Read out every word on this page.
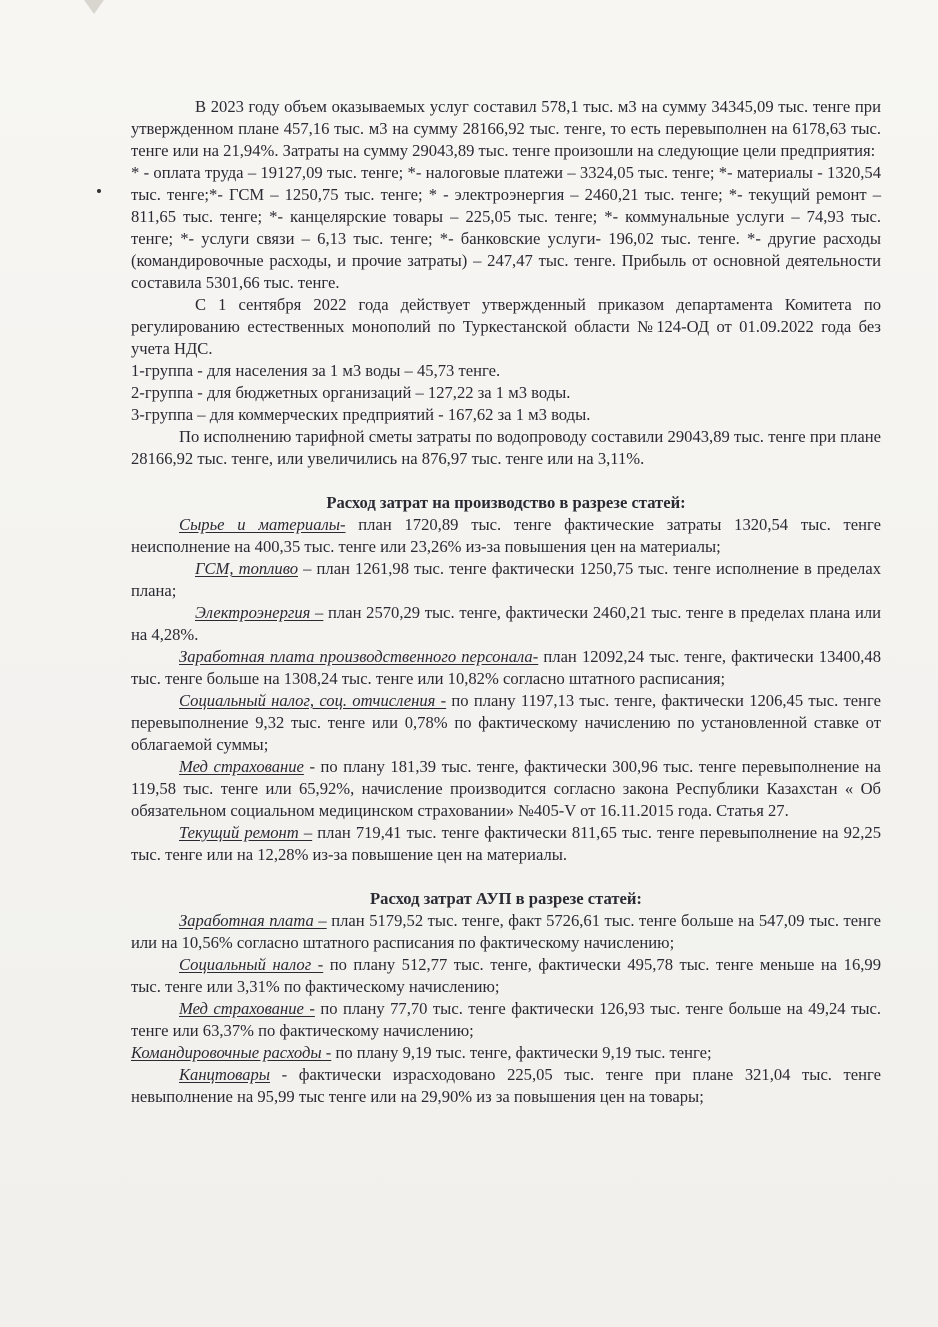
В 2023 году объем оказываемых услуг составил 578,1 тыс. м3 на сумму 34345,09 тыс. тенге при утвержденном плане 457,16 тыс. м3 на сумму 28166,92 тыс. тенге, то есть перевыполнен на 6178,63 тыс. тенге или на 21,94%. Затраты на сумму 29043,89 тыс. тенге произошли на следующие цели предприятия:

* - оплата труда – 19127,09 тыс. тенге; *- налоговые платежи – 3324,05 тыс. тенге; *- материалы - 1320,54 тыс. тенге;*- ГСМ – 1250,75 тыс. тенге; * - электроэнергия – 2460,21 тыс. тенге; *- текущий ремонт – 811,65 тыс. тенге; *- канцелярские товары – 225,05 тыс. тенге; *- коммунальные услуги – 74,93 тыс. тенге; *- услуги связи – 6,13 тыс. тенге; *- банковские услуги- 196,02 тыс. тенге. *- другие расходы (командировочные расходы, и прочие затраты) – 247,47 тыс. тенге. Прибыль от основной деятельности составила 5301,66 тыс. тенге.

С 1 сентября 2022 года действует утвержденный приказом департамента Комитета по регулированию естественных монополий по Туркестанской области №124-ОД от 01.09.2022 года без учета НДС.

1-группа - для населения за 1 м3 воды – 45,73 тенге.

2-группа - для бюджетных организаций – 127,22 за 1 м3 воды.

3-группа – для коммерческих предприятий - 167,62 за 1 м3 воды.

По исполнению тарифной сметы затраты по водопроводу составили 29043,89 тыс. тенге при плане 28166,92 тыс. тенге, или увеличились на 876,97 тыс. тенге или на 3,11%.

Расход затрат на производство в разрезе статей:

Сырье и материалы- план 1720,89 тыс. тенге фактические затраты 1320,54 тыс. тенге неисполнение на 400,35 тыс. тенге или 23,26% из-за повышения цен на материалы;

ГСМ, топливо – план 1261,98 тыс. тенге фактически 1250,75 тыс. тенге исполнение в пределах плана;

Электроэнергия – план 2570,29 тыс. тенге, фактически 2460,21 тыс. тенге в пределах плана или на 4,28%.

Заработная плата производственного персонала- план 12092,24 тыс. тенге, фактически 13400,48 тыс. тенге больше на 1308,24 тыс. тенге или 10,82% согласно штатного расписания;

Социальный налог, соц. отчисления - по плану 1197,13 тыс. тенге, фактически 1206,45 тыс. тенге перевыполнение 9,32 тыс. тенге или 0,78% по фактическому начислению по установленной ставке от облагаемой суммы;

Мед страхование - по плану 181,39 тыс. тенге, фактически 300,96 тыс. тенге перевыполнение на 119,58 тыс. тенге или 65,92%, начисление производится согласно закона Республики Казахстан « Об обязательном социальном медицинском страховании» №405-V от 16.11.2015 года. Статья 27.

Текущий ремонт – план 719,41 тыс. тенге фактически 811,65 тыс. тенге перевыполнение на 92,25 тыс. тенге или на 12,28% из-за повышение цен на материалы.

Расход затрат АУП в разрезе статей:

Заработная плата – план 5179,52 тыс. тенге, факт 5726,61 тыс. тенге больше на 547,09 тыс. тенге или на 10,56% согласно штатного расписания по фактическому начислению;

Социальный налог - по плану 512,77 тыс. тенге, фактически 495,78 тыс. тенге меньше на 16,99 тыс. тенге или 3,31% по фактическому начислению;

Мед страхование - по плану 77,70 тыс. тенге фактически 126,93 тыс. тенге больше на 49,24 тыс. тенге или 63,37% по фактическому начислению;

Командировочные расходы - по плану 9,19 тыс. тенге, фактически 9,19 тыс. тенге;

Канцтовары - фактически израсходовано 225,05 тыс. тенге при плане 321,04 тыс. тенге невыполнение на 95,99 тыс тенге или на 29,90% из за повышения цен на товары;
